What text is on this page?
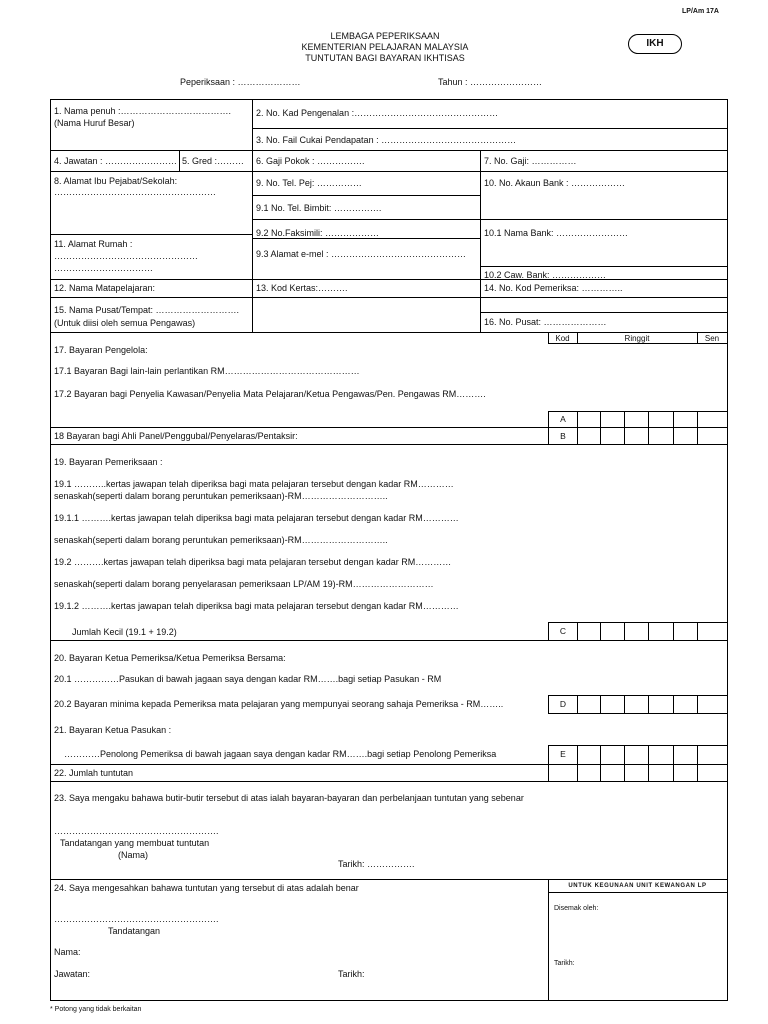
LP/Am 17A
IKH
LEMBAGA PEPERIKSAAN
KEMENTERIAN PELAJARAN MALAYSIA
TUNTUTAN BAGI BAYARAN IKHTISAS
Peperiksaan : …………………	Tahun : ……………………
1. Nama penuh :……………………………….
(Nama Huruf Besar)
2. No. Kad Pengenalan :…………………………………………
3. No. Fail Cukai Pendapatan : ………………………………………
4. Jawatan : …………………… 5. Gred :……… 6. Gaji Pokok : …………….	7. No. Gaji: ……………
8. Alamat Ibu Pejabat/Sekolah:
………………………………………………
9. No. Tel. Pej: ……………
9.1 No. Tel. Bimbit: …………….
9.2 No.Faksimili: ………………
9.3 Alamat e-mel : ………………………………………
10. No. Akaun Bank : ………………
10.1 Nama Bank: ……………………
10.2 Caw. Bank: ………………
11. Alamat Rumah :
…………………………………………
……………………………
12. Nama Matapelajaran:	13. Kod Kertas:……….	14. No. Kod Pemeriksa: …………..
15. Nama Pusat/Tempat: ……………………….
(Untuk diisi oleh semua Pengawas)	16. No. Pusat: …………………
Kod	Ringgit	Sen
17. Bayaran Pengelola:
17.1 Bayaran Bagi lain-lain perlantikan RM………………………………………
17.2 Bayaran bagi Penyelia Kawasan/Penyelia Mata Pelajaran/Ketua Pengawas/Pen. Pengawas RM……….
A
18 Bayaran bagi Ahli Panel/Penggubal/Penyelaras/Pentaksir:	B
19. Bayaran Pemeriksaan :
19.1 ………..kertas jawapan telah diperiksa bagi mata pelajaran tersebut dengan kadar RM…………
senaskah(seperti dalam borang peruntukan pemeriksaan)-RM………………………..
19.1.1 ……….kertas jawapan telah diperiksa bagi mata pelajaran tersebut dengan kadar RM…………
senaskah(seperti dalam borang peruntukan pemeriksaan)-RM………………………..
19.2 ……….kertas jawapan telah diperiksa bagi mata pelajaran tersebut dengan kadar RM…………
senaskah(seperti dalam borang penyelarasan pemeriksaan LP/AM 19)-RM………………………
19.1.2 ……….kertas jawapan telah diperiksa bagi mata pelajaran tersebut dengan kadar RM…………
Jumlah Kecil (19.1 + 19.2)	C
20. Bayaran Ketua Pemeriksa/Ketua Pemeriksa Bersama:
20.1 ……………Pasukan di bawah jagaan saya dengan kadar RM…….bagi setiap Pasukan - RM
20.2 Bayaran minima kepada Pemeriksa mata pelajaran yang mempunyai seorang sahaja Pemeriksa - RM……..	D
21. Bayaran Ketua Pasukan :
…………Penolong Pemeriksa di bawah jagaan saya dengan kadar RM…….bagi setiap Penolong Pemeriksa	E
22. Jumlah tuntutan
23. Saya mengaku bahawa butir-butir tersebut di atas ialah bayaran-bayaran dan perbelanjaan tuntutan yang sebenar
……………………………………………….
Tandatangan yang membuat tuntutan
(Nama)
Tarikh: …………….
24. Saya mengesahkan bahawa tuntutan yang tersebut di atas adalah benar
……………………………………………….
Tandatangan
Nama:
Jawatan:	Tarikh:
UNTUK KEGUNAAN UNIT KEWANGAN LP
Disemak oleh:
Tarikh:
* Potong yang tidak berkaitan
